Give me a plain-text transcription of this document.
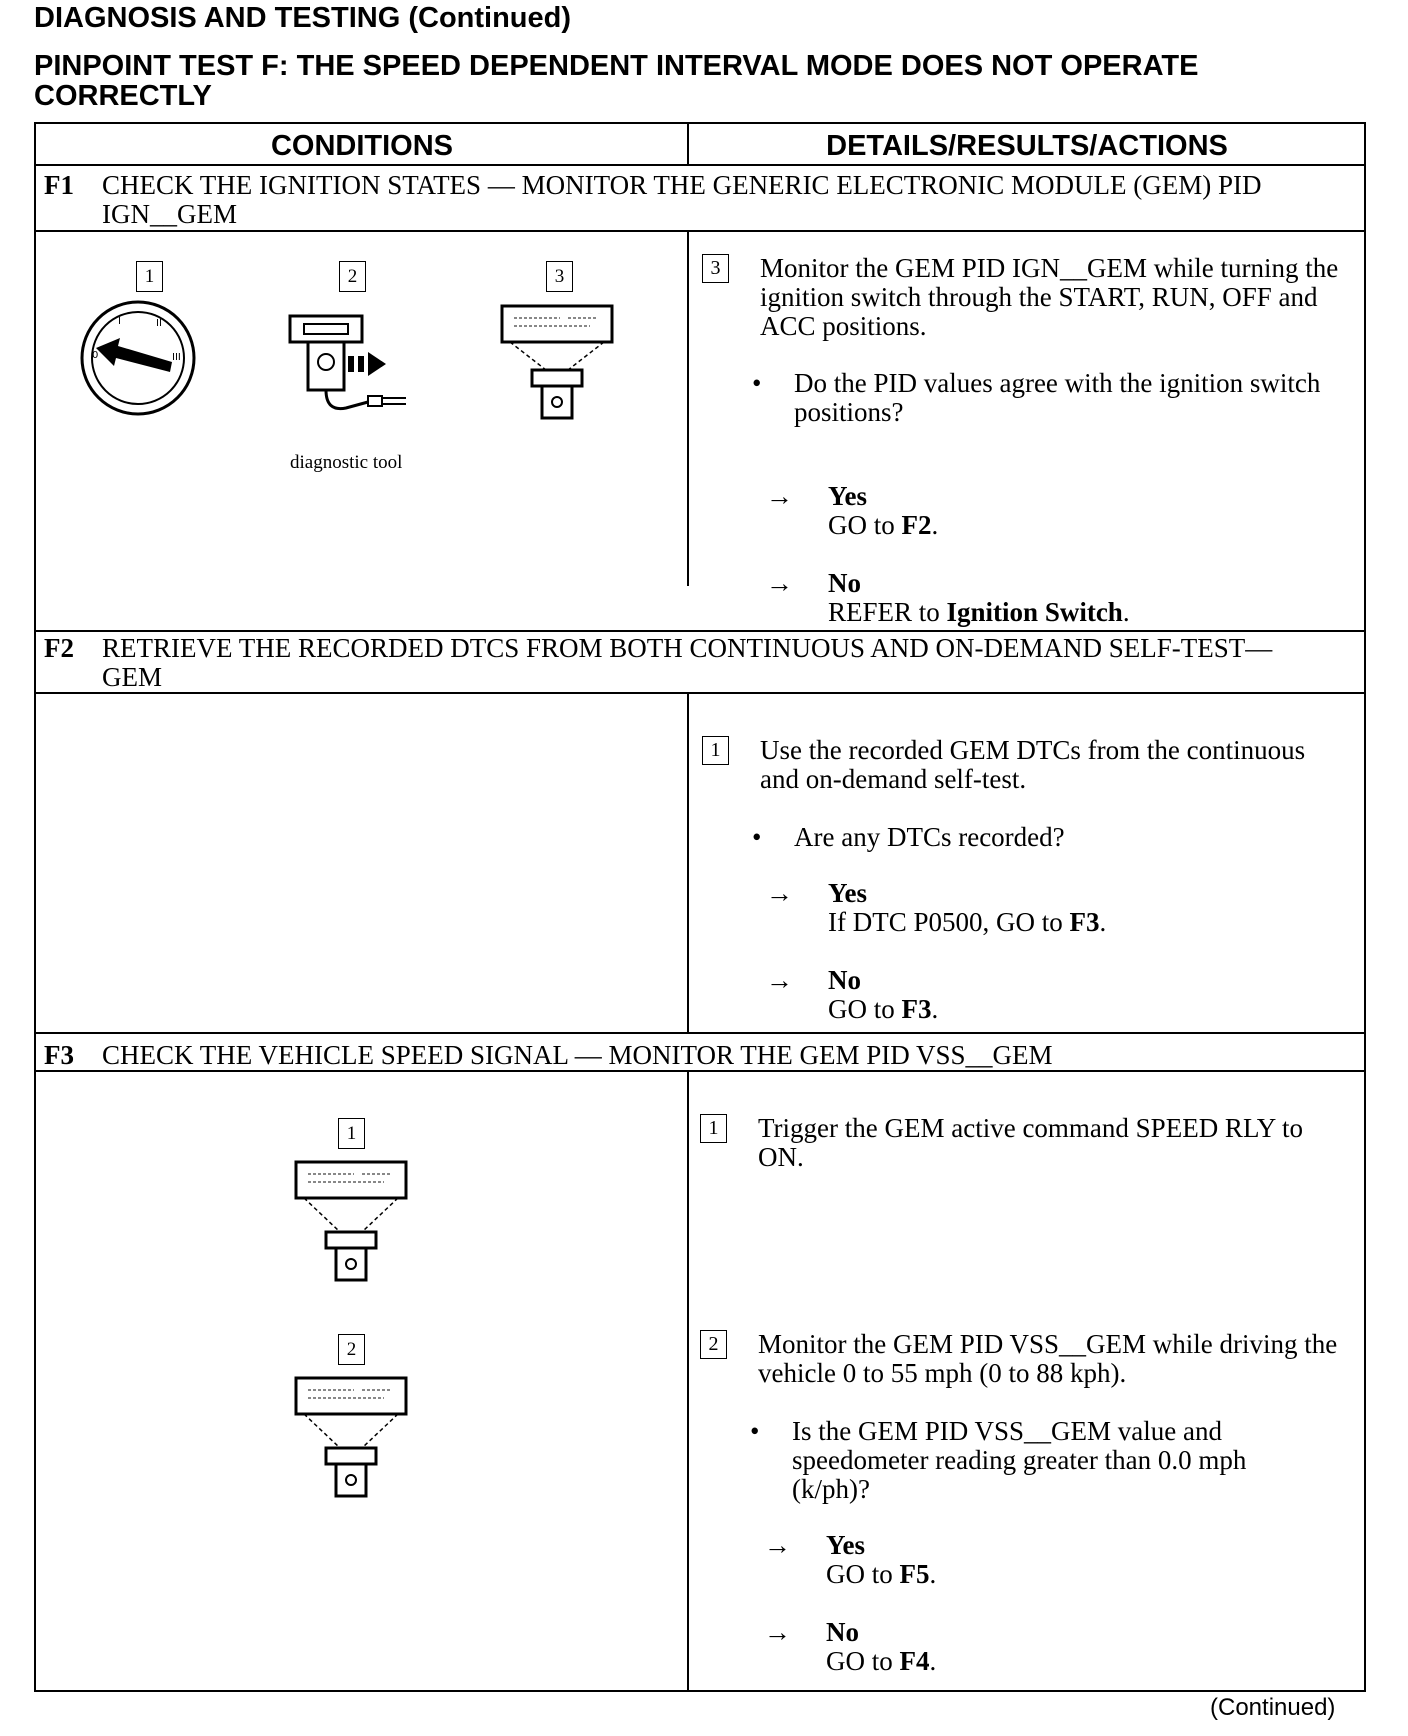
DIAGNOSIS AND TESTING (Continued)
PINPOINT TEST F: THE SPEED DEPENDENT INTERVAL MODE DOES NOT OPERATE CORRECTLY
CONDITIONS	DETAILS/RESULTS/ACTIONS
F1 CHECK THE IGNITION STATES — MONITOR THE GENERIC ELECTRONIC MODULE (GEM) PID IGN__GEM
1
I	II
III
0
2
diagnostic tool
3	3	Monitor the GEM PID IGN__GEM while turning the ignition switch through the START, RUN, OFF and ACC positions.
• Do the PID values agree with the ignition switch positions?
→ Yes
GO to F2.
→ No
REFER to Ignition Switch.
F2 RETRIEVE THE RECORDED DTCS FROM BOTH CONTINUOUS AND ON-DEMAND SELF-TEST— GEM
1	Use the recorded GEM DTCs from the continuous and on-demand self-test.
• Are any DTCs recorded?
→ Yes
If DTC P0500, GO to F3.
→ No
GO to F3.
F3 CHECK THE VEHICLE SPEED SIGNAL — MONITOR THE GEM PID VSS__GEM
1
2
1	Trigger the GEM active command SPEED RLY to ON.
2	Monitor the GEM PID VSS__GEM while driving the vehicle 0 to 55 mph (0 to 88 kph).
• Is the GEM PID VSS__GEM value and speedometer reading greater than 0.0 mph (k/ph)?
→ Yes
GO to F5.
→ No
GO to F4.
(Continued)
